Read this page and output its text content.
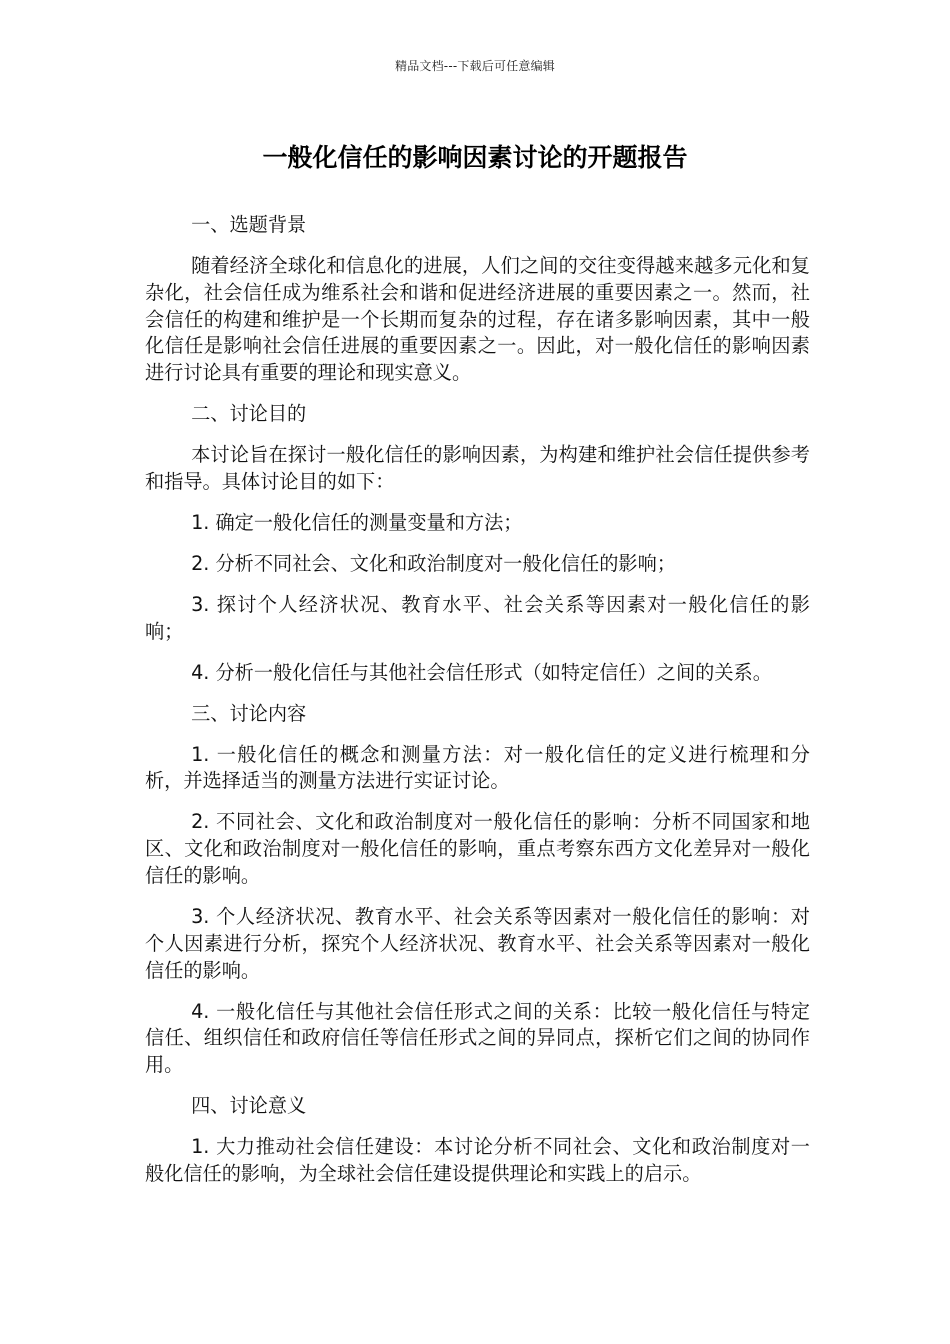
精品文档---下载后可任意编辑
一般化信任的影响因素讨论的开题报告

一、选题背景

随着经济全球化和信息化的进展，人们之间的交往变得越来越多元化和复杂化，社会信任成为维系社会和谐和促进经济进展的重要因素之一。然而，社会信任的构建和维护是一个长期而复杂的过程，存在诸多影响因素，其中一般化信任是影响社会信任进展的重要因素之一。因此，对一般化信任的影响因素进行讨论具有重要的理论和现实意义。

二、讨论目的

本讨论旨在探讨一般化信任的影响因素，为构建和维护社会信任提供参考和指导。具体讨论目的如下：

1. 确定一般化信任的测量变量和方法；

2. 分析不同社会、文化和政治制度对一般化信任的影响；

3. 探讨个人经济状况、教育水平、社会关系等因素对一般化信任的影响；

4. 分析一般化信任与其他社会信任形式（如特定信任）之间的关系。

三、讨论内容

1. 一般化信任的概念和测量方法：对一般化信任的定义进行梳理和分析，并选择适当的测量方法进行实证讨论。

2. 不同社会、文化和政治制度对一般化信任的影响：分析不同国家和地区、文化和政治制度对一般化信任的影响，重点考察东西方文化差异对一般化信任的影响。

3. 个人经济状况、教育水平、社会关系等因素对一般化信任的影响：对个人因素进行分析，探究个人经济状况、教育水平、社会关系等因素对一般化信任的影响。

4. 一般化信任与其他社会信任形式之间的关系：比较一般化信任与特定信任、组织信任和政府信任等信任形式之间的异同点，探析它们之间的协同作用。

四、讨论意义

1. 大力推动社会信任建设：本讨论分析不同社会、文化和政治制度对一般化信任的影响，为全球社会信任建设提供理论和实践上的启示。
